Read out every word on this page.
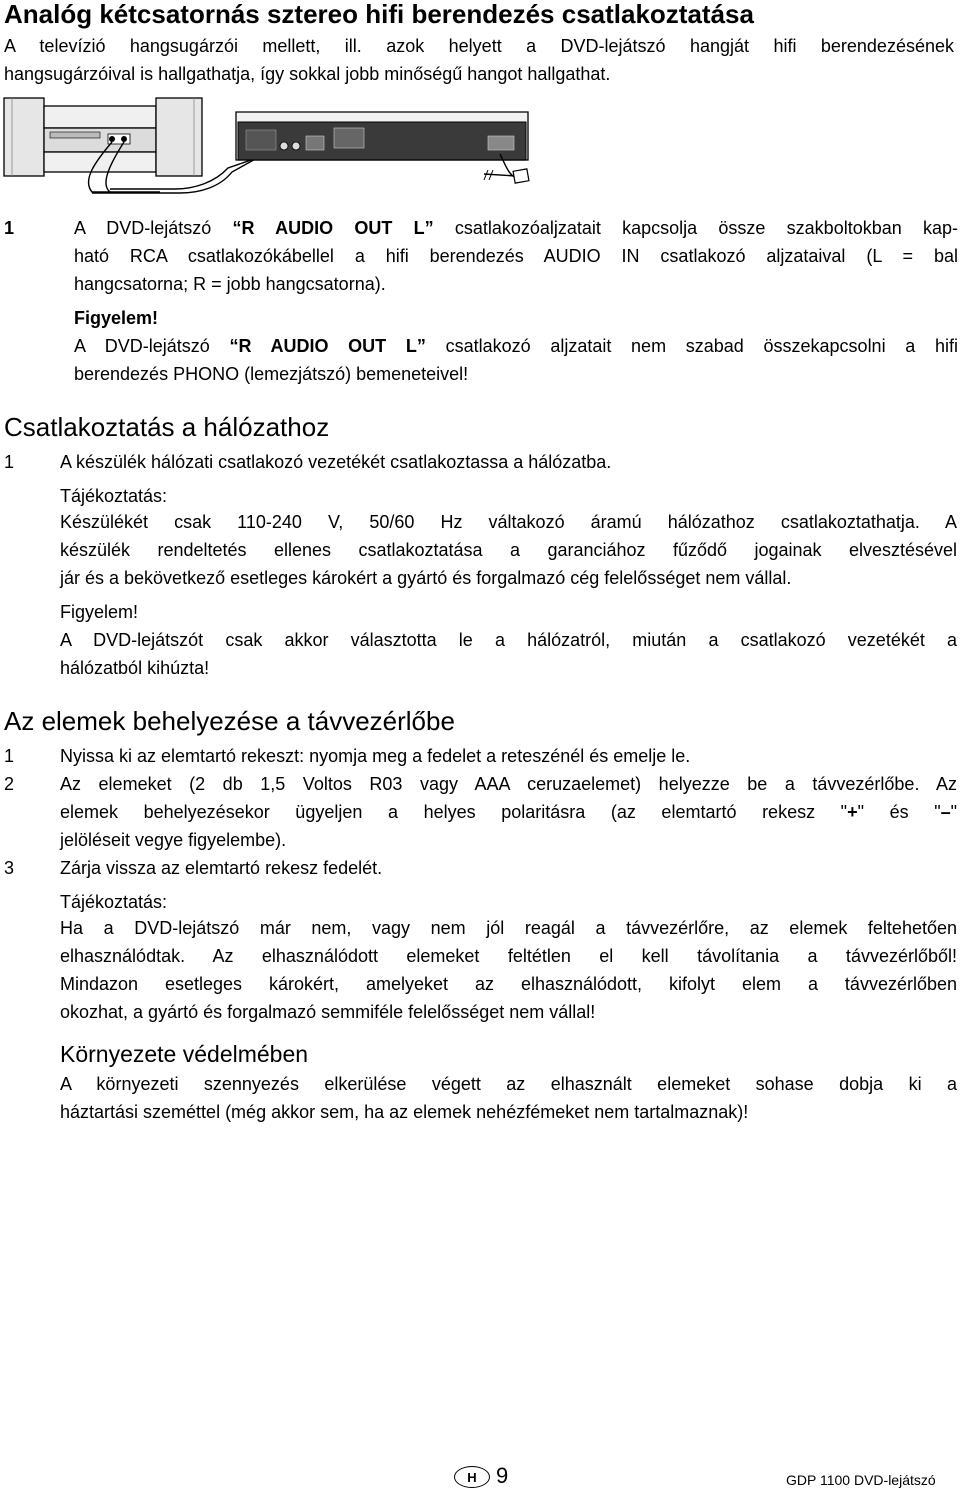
Analóg kétcsatornás sztereo hifi berendezés csatlakoztatása
A televízió hangsugárzói mellett, ill. azok helyett a DVD-lejátszó hangját hifi berendezésének
hangsugárzóival is hallgathatja, így sokkal jobb minőségű hangot hallgathat.
1	A DVD-lejátszó “R AUDIO OUT L” csatlakozóaljzatait kapcsolja össze szakboltokban kap-
ható RCA csatlakozókábellel a hifi berendezés AUDIO IN csatlakozó aljzataival (L = bal
hangcsatorna; R = jobb hangcsatorna).
Figyelem!
A DVD-lejátszó “R AUDIO OUT L” csatlakozó aljzatait nem szabad összekapcsolni a hifi
berendezés PHONO (lemezjátszó) bemeneteivel!
Csatlakoztatás a hálózathoz
1	A készülék hálózati csatlakozó vezetékét csatlakoztassa a hálózatba.
Tájékoztatás:
Készülékét csak 110-240 V, 50/60 Hz váltakozó áramú hálózathoz csatlakoztathatja. A
készülék rendeltetés ellenes csatlakoztatása a garanciához fűződő jogainak elvesztésével
jár és a bekövetkező esetleges károkért a gyártó és forgalmazó cég felelősséget nem vállal.
Figyelem!
A DVD-lejátszót csak akkor választotta le a hálózatról, miután a csatlakozó vezetékét a
hálózatból kihúzta!
Az elemek behelyezése a távvezérlőbe
1	Nyissa ki az elemtartó rekeszt: nyomja meg a fedelet a reteszénél és emelje le.
2	Az elemeket (2 db 1,5 Voltos R03 vagy AAA ceruzaelemet) helyezze be a távvezérlőbe. Az
elemek behelyezésekor ügyeljen a helyes polaritásra (az elemtartó rekesz "+" és "–"
jelöléseit vegye figyelembe).
3	Zárja vissza az elemtartó rekesz fedelét.
Tájékoztatás:
Ha a DVD-lejátszó már nem, vagy nem jól reagál a távvezérlőre, az elemek feltehetően
elhasználódtak. Az elhasználódott elemeket feltétlen el kell távolítania a távvezérlőből!
Mindazon esetleges károkért, amelyeket az elhasználódott, kifolyt elem a távvezérlőben
okozhat, a gyártó és forgalmazó semmiféle felelősséget nem vállal!
Környezete védelmében
A környezeti szennyezés elkerülése végett az elhasznált elemeket sohase dobja ki a
háztartási szeméttel (még akkor sem, ha az elemek nehézfémeket nem tartalmaznak)!
H 9	GDP 1100 DVD-lejátszó
